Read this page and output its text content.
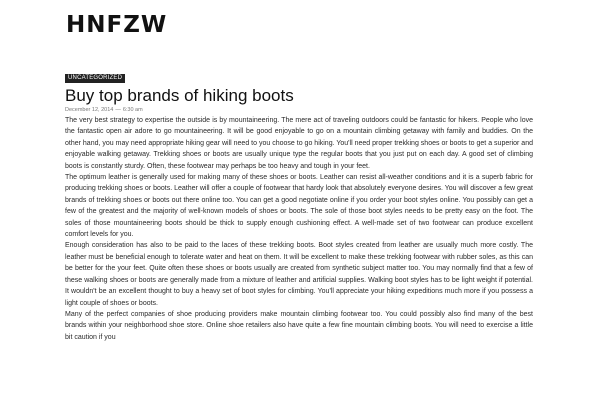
HNFZW
UNCATEGORIZED
Buy top brands of hiking boots

December 12, 2014 — 6:30 am

The very best strategy to expertise the outside is by mountaineering. The mere act of traveling outdoors could be fantastic for hikers. People who love the fantastic open air adore to go mountaineering. It will be good enjoyable to go on a mountain climbing getaway with family and buddies. On the other hand, you may need appropriate hiking gear will need to you choose to go hiking. You'll need proper trekking shoes or boots to get a superior and enjoyable walking getaway. Trekking shoes or boots are usually unique type the regular boots that you just put on each day. A good set of climbing boots is constantly sturdy. Often, these footwear may perhaps be too heavy and tough in your feet.

The optimum leather is generally used for making many of these shoes or boots. Leather can resist all-weather conditions and it is a superb fabric for producing trekking shoes or boots. Leather will offer a couple of footwear that hardy look that absolutely everyone desires. You will discover a few great brands of trekking shoes or boots out there online too. You can get a good negotiate online if you order your boot styles online. You possibly can get a few of the greatest and the majority of well-known models of shoes or boots. The sole of those boot styles needs to be pretty easy on the foot. The soles of those mountaineering boots should be thick to supply enough cushioning effect. A well-made set of two footwear can produce excellent comfort levels for you.

Enough consideration has also to be paid to the laces of these trekking boots. Boot styles created from leather are usually much more costly. The leather must be beneficial enough to tolerate water and heat on them. It will be excellent to make these trekking footwear with rubber soles, as this can be better for the your feet. Quite often these shoes or boots usually are created from synthetic subject matter too. You may normally find that a few of these walking shoes or boots are generally made from a mixture of leather and artificial supplies. Walking boot styles has to be light weight if potential. It wouldn't be an excellent thought to buy a heavy set of boot styles for climbing. You'll appreciate your hiking expeditions much more if you possess a light couple of shoes or boots.

Many of the perfect companies of shoe producing providers make mountain climbing footwear too. You could possibly also find many of the best brands within your neighborhood shoe store. Online shoe retailers also have quite a few fine mountain climbing boots. You will need to exercise a little bit caution if you
